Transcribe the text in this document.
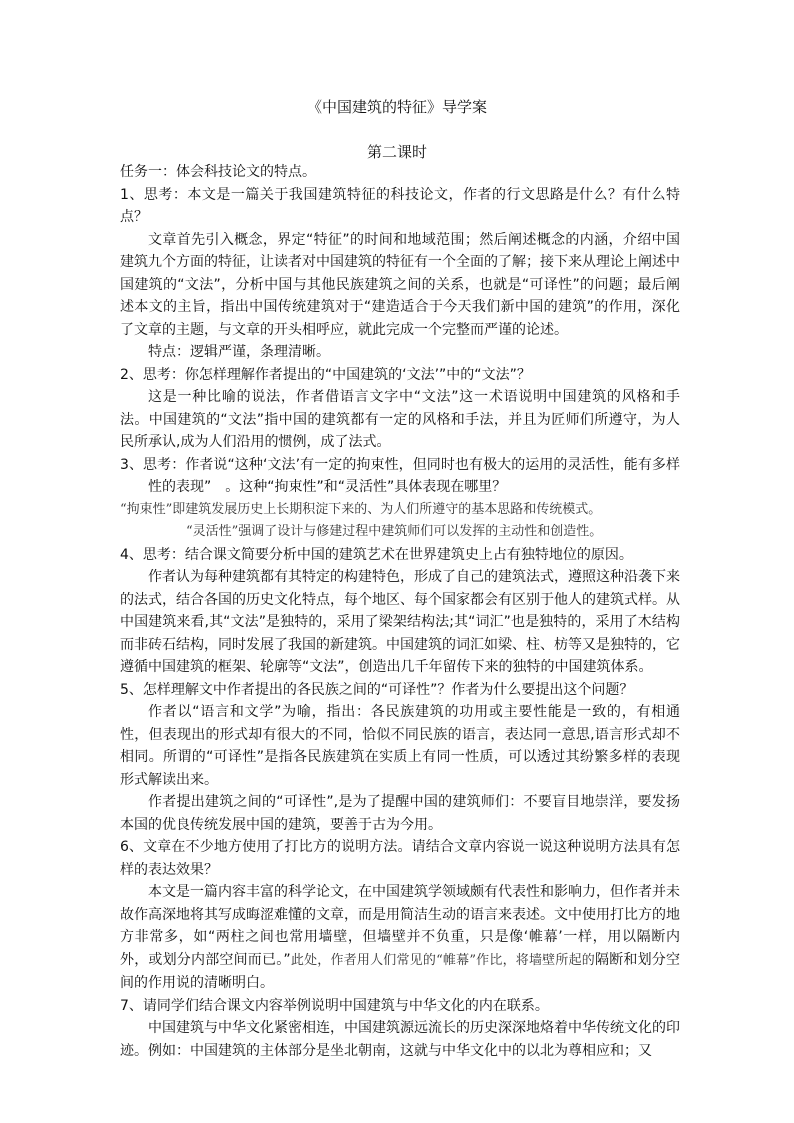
《中国建筑的特征》导学案
第二课时

任务一：体会科技论文的特点。

1、思考：本文是一篇关于我国建筑特征的科技论文，作者的行文思路是什么？有什么特点？

文章首先引入概念，界定“特征”的时间和地域范围；然后阐述概念的内涵，介绍中国建筑九个方面的特征，让读者对中国建筑的特征有一个全面的了解；接下来从理论上阐述中国建筑的“文法”，分析中国与其他民族建筑之间的关系，也就是“可译性”的问题；最后阐述本文的主旨，指出中国传统建筑对于“建造适合于今天我们新中国的建筑”的作用，深化了文章的主题，与文章的开头相呼应，就此完成一个完整而严谨的论述。

特点：逻辑严谨，条理清晰。

2、思考：你怎样理解作者提出的“中国建筑的‘文法’”中的“文法”？

这是一种比喻的说法，作者借语言文字中“文法”这一术语说明中国建筑的风格和手法。中国建筑的“文法”指中国的建筑都有一定的风格和手法，并且为匠师们所遵守，为人民所承认,成为人们沿用的惯例，成了法式。

3、思考：作者说“这种‘文法’有一定的拘束性，但同时也有极大的运用的灵活性，能有多样性的表现”　。这种“拘束性”和“灵活性”具体表现在哪里？

“拘束性”即建筑发展历史上长期积淀下来的、为人们所遵守的基本思路和传统模式。

“灵活性”强调了设计与修建过程中建筑师们可以发挥的主动性和创造性。

4、思考：结合课文简要分析中国的建筑艺术在世界建筑史上占有独特地位的原因。

作者认为每种建筑都有其特定的构建特色，形成了自己的建筑法式，遵照这种沿袭下来的法式，结合各国的历史文化特点，每个地区、每个国家都会有区别于他人的建筑式样。从中国建筑来看,其“文法”是独特的，采用了梁架结构法;其“词汇”也是独特的，采用了木结构而非砖石结构，同时发展了我国的新建筑。中国建筑的词汇如梁、柱、枋等又是独特的，它遵循中国建筑的框架、轮廓等“文法”，创造出几千年留传下来的独特的中国建筑体系。

5、怎样理解文中作者提出的各民族之间的“可译性”？作者为什么要提出这个问题？

作者以“语言和文学”为喻，指出：各民族建筑的功用或主要性能是一致的，有相通性，但表现出的形式却有很大的不同，恰似不同民族的语言，表达同一意思,语言形式却不相同。所谓的“可译性”是指各民族建筑在实质上有同一性质，可以透过其纷繁多样的表现形式解读出来。

作者提出建筑之间的“可译性”,是为了提醒中国的建筑师们：不要盲目地崇洋，要发扬本国的优良传统发展中国的建筑，要善于古为今用。

6、文章在不少地方使用了打比方的说明方法。请结合文章内容说一说这种说明方法具有怎样的表达效果？

本文是一篇内容丰富的科学论文，在中国建筑学领域颇有代表性和影响力，但作者并未故作高深地将其写成晦涩难懂的文章，而是用简洁生动的语言来表述。文中使用打比方的地方非常多，如“两柱之间也常用墙壁，但墙壁并不负重，只是像‘帷幕’一样，用以隔断内外，或划分内部空间而已。”此处，作者用人们常见的“帷幕”作比，将墙壁所起的隔断和划分空间的作用说的清晰明白。

7、请同学们结合课文内容举例说明中国建筑与中华文化的内在联系。

中国建筑与中华文化紧密相连，中国建筑源远流长的历史深深地烙着中华传统文化的印迹。例如：中国建筑的主体部分是坐北朝南，这就与中华文化中的以北为尊相应和；又
